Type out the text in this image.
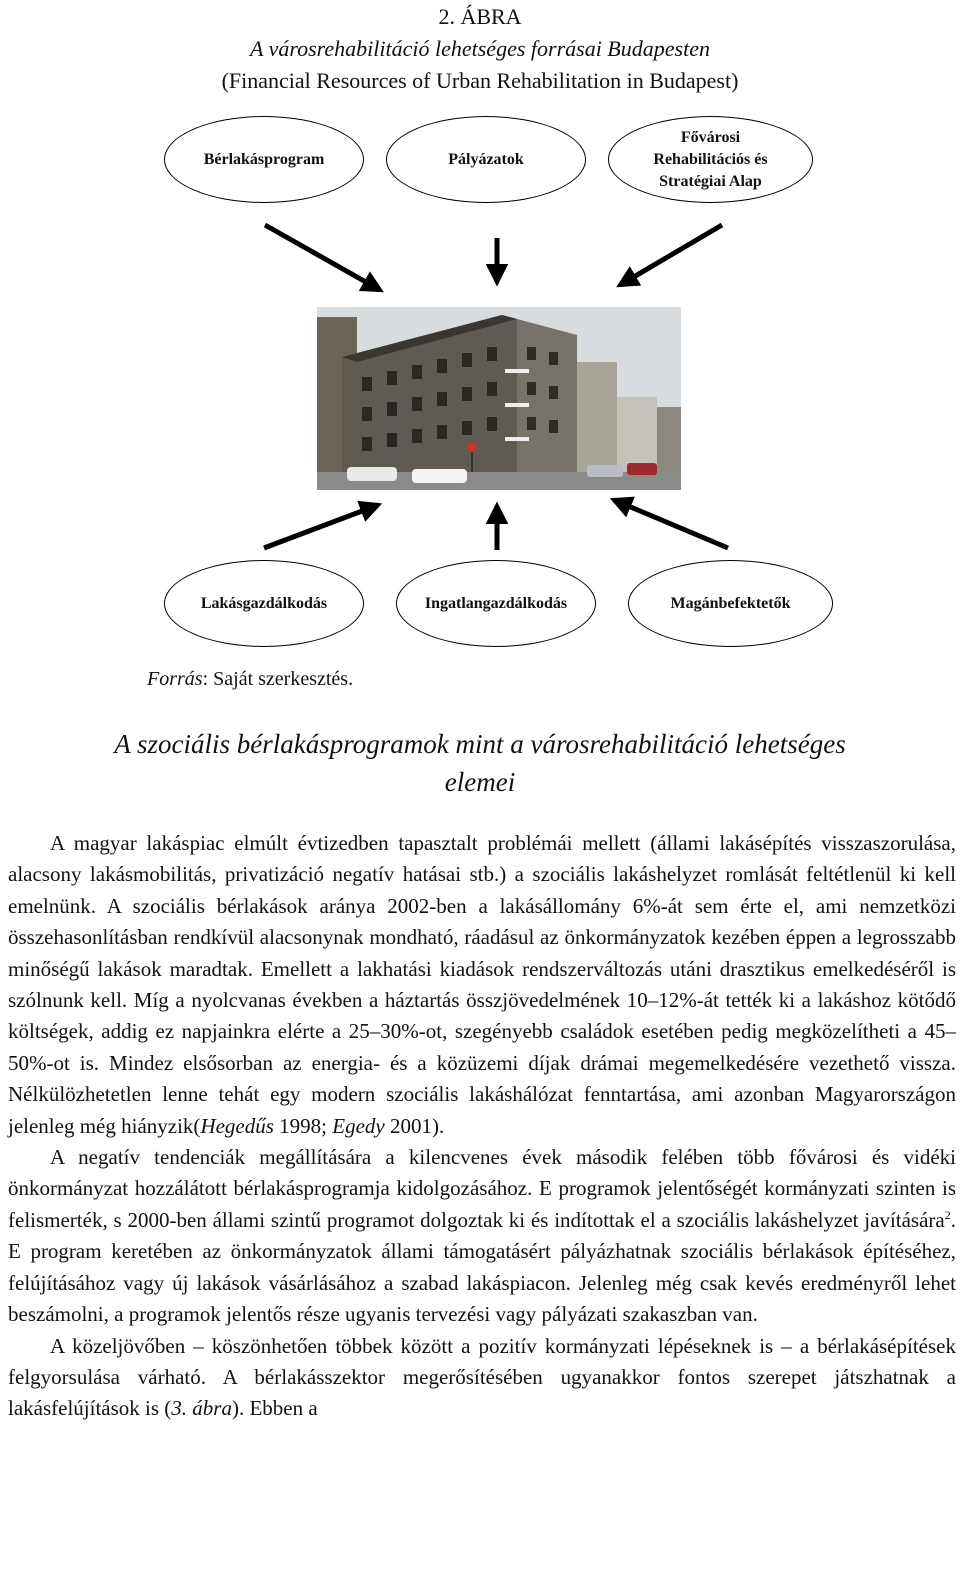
2. ÁBRA
A városrehabilitáció lehetséges forrásai Budapesten
(Financial Resources of Urban Rehabilitation in Budapest)
Bérlakásprogram	Pályázatok
Fővárosi
Rehabilitációs és
Stratégiai Alap
Lakásgazdálkodás	Ingatlangazdálkodás	Magánbefektetők
Forrás: Saját szerkesztés.
A szociális bérlakásprogramok mint a városrehabilitáció lehetséges
elemei

A magyar lakáspiac elmúlt évtizedben tapasztalt problémái mellett (állami lakásépítés visszaszorulása, alacsony lakásmobilitás, privatizáció negatív hatásai stb.) a szociális lakáshelyzet romlását feltétlenül ki kell emelnünk. A szociális bérlakások aránya 2002-ben a lakásállomány 6%-át sem érte el, ami nemzetközi összehasonlításban rendkívül alacsonynak mondható, ráadásul az önkormányzatok kezében éppen a legrosszabb minőségű lakások maradtak. Emellett a lakhatási kiadások rendszerváltozás utáni drasztikus emelkedéséről is szólnunk kell. Míg a nyolcvanas években a háztartás összjövedelmének 10–12%-át tették ki a lakáshoz kötődő költségek, addig ez napjainkra elérte a 25–30%-ot, szegényebb családok esetében pedig megközelítheti a 45–50%-ot is. Mindez elsősorban az energia- és a közüzemi díjak drámai megemelkedésére vezethető vissza. Nélkülözhetetlen lenne tehát egy modern szociális lakáshálózat fenntartása, ami azonban Magyarországon jelenleg még hiányzik(Hegedűs 1998; Egedy 2001).

A negatív tendenciák megállítására a kilencvenes évek második felében több fővárosi és vidéki önkormányzat hozzálátott bérlakásprogramja kidolgozásához. E programok jelentőségét kormányzati szinten is felismerték, s 2000-ben állami szintű programot dolgoztak ki és indítottak el a szociális lakáshelyzet javítására$^2$. E program keretében az önkormányzatok állami támogatásért pályázhatnak szociális bérlakások építéséhez, felújításához vagy új lakások vásárlásához a szabad lakáspiacon. Jelenleg még csak kevés eredményről lehet beszámolni, a programok jelentős része ugyanis tervezési vagy pályázati szakaszban van.

A közeljövőben – köszönhetően többek között a pozitív kormányzati lépéseknek is – a bérlakásépítések felgyorsulása várható. A bérlakásszektor megerősítésében ugyanakkor fontos szerepet játszhatnak a lakásfelújítások is (3. ábra). Ebben a
